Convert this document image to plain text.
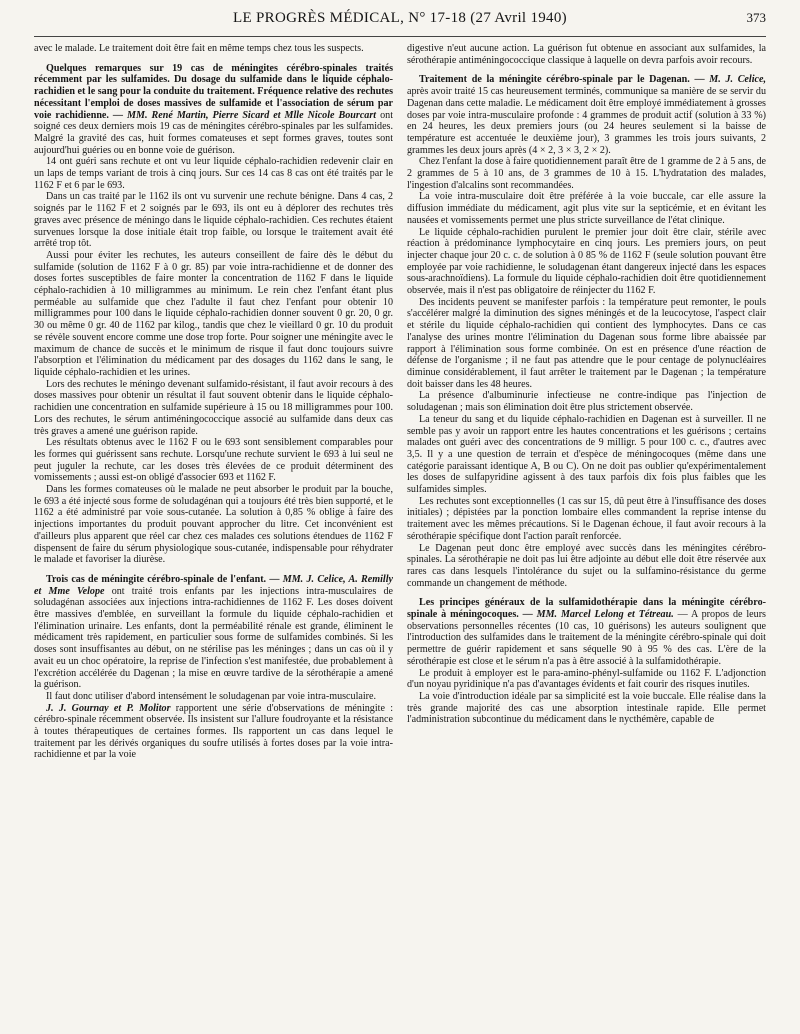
LE PROGRÈS MÉDICAL, N° 17-18 (27 Avril 1940)	373

avec le malade. Le traitement doit être fait en même temps chez tous les suspects.

Quelques remarques sur 19 cas de méningites cérébro-spinales traités récemment par les sulfamides. Du dosage du sulfamide dans le liquide céphalo-rachidien et le sang pour la conduite du traitement. Fréquence relative des rechutes nécessitant l'emploi de doses massives de sulfamide et l'association de sérum par voie rachidienne. — MM. René Martin, Pierre Sicard et Mlle Nicole Bourcart ont soigné ces deux derniers mois 19 cas de méningites cérébro-spinales par les sulfamides. Malgré la gravité des cas, huit formes comateuses et sept formes graves, toutes sont aujourd'hui guéries ou en bonne voie de guérison.

14 ont guéri sans rechute et ont vu leur liquide céphalo-rachidien redevenir clair en un laps de temps variant de trois à cinq jours. Sur ces 14 cas 8 cas ont été traités par le 1162 F et 6 par le 693.

Dans un cas traité par le 1162 ils ont vu survenir une rechute bénigne. Dans 4 cas, 2 soignés par le 1162 F et 2 soignés par le 693, ils ont eu à déplorer des rechutes très graves avec présence de méningo dans le liquide céphalo-rachidien. Ces rechutes étaient survenues lorsque la dose initiale était trop faible, ou lorsque le traitement avait été arrêté trop tôt.

Aussi pour éviter les rechutes, les auteurs conseillent de faire dès le début du sulfamide (solution de 1162 F à 0 gr. 85) par voie intra-rachidienne et de donner des doses fortes susceptibles de faire monter la concentration de 1162 F dans le liquide céphalo-rachidien à 10 milligrammes au minimum. Le rein chez l'enfant étant plus perméable au sulfamide que chez l'adulte il faut chez l'enfant pour obtenir 10 milligrammes pour 100 dans le liquide céphalo-rachidien donner souvent 0 gr. 20, 0 gr. 30 ou même 0 gr. 40 de 1162 par kilog., tandis que chez le vieillard 0 gr. 10 du produit se révèle souvent encore comme une dose trop forte. Pour soigner une méningite avec le maximum de chance de succès et le minimum de risque il faut donc toujours suivre l'absorption et l'élimination du médicament par des dosages du 1162 dans le sang, le liquide céphalo-rachidien et les urines.

Lors des rechutes le méningo devenant sulfamido-résistant, il faut avoir recours à des doses massives pour obtenir un résultat il faut souvent obtenir dans le liquide céphalo-rachidien une concentration en sulfamide supérieure à 15 ou 18 milligrammes pour 100. Lors des rechutes, le sérum antiméningococcique associé au sulfamide dans deux cas très graves a amené une guérison rapide.

Les résultats obtenus avec le 1162 F ou le 693 sont sensiblement comparables pour les formes qui guérissent sans rechute. Lorsqu'une rechute survient le 693 à lui seul ne peut juguler la rechute, car les doses très élevées de ce produit déterminent des vomissements ; aussi est-on obligé d'associer 693 et 1162 F.

Dans les formes comateuses où le malade ne peut absorber le produit par la bouche, le 693 a été injecté sous forme de soludagénan qui a toujours été très bien supporté, et le 1162 a été administré par voie sous-cutanée. La solution à 0,85 % oblige à faire des injections importantes du produit pouvant approcher du litre. Cet inconvénient est d'ailleurs plus apparent que réel car chez ces malades ces solutions étendues de 1162 F dispensent de faire du sérum physiologique sous-cutanée, indispensable pour réhydrater le malade et favoriser la diurèse.

Trois cas de méningite cérébro-spinale de l'enfant. — MM. J. Celice, A. Remilly et Mme Velope ont traité trois enfants par les injections intra-musculaires de soludagénan associées aux injections intra-rachidiennes de 1162 F. Les doses doivent être massives d'emblée, en surveillant la formule du liquide céphalo-rachidien et l'élimination urinaire. Les enfants, dont la perméabilité rénale est grande, éliminent le médicament très rapidement, en particulier sous forme de sulfamides combinés. Si les doses sont insuffisantes au début, on ne stérilise pas les méninges ; dans un cas où il y avait eu un choc opératoire, la reprise de l'infection s'est manifestée, due probablement à l'excrétion accélérée du Dagenan ; la mise en œuvre tardive de la sérothérapie a amené la guérison.

Il faut donc utiliser d'abord intensément le soludagenan par voie intra-musculaire.

J. J. Gournay et P. Molitor rapportent une série d'observations de méningite : cérébro-spinale récemment observée. Ils insistent sur l'allure foudroyante et la résistance à toutes thérapeutiques de certaines formes. Ils rapportent un cas dans lequel le traitement par les dérivés organiques du soufre utilisés à fortes doses par la voie intra-rachidienne et par la voie

digestive n'eut aucune action. La guérison fut obtenue en associant aux sulfamides, la sérothérapie antiméningococcique classique à laquelle on devra parfois avoir recours.

Traitement de la méningite cérébro-spinale par le Dagenan. — M. J. Celice, après avoir traité 15 cas heureusement terminés, communique sa manière de se servir du Dagenan dans cette maladie. Le médicament doit être employé immédiatement à grosses doses par voie intra-musculaire profonde : 4 grammes de produit actif (solution à 33 %) en 24 heures, les deux premiers jours (ou 24 heures seulement si la baisse de température est accentuée le deuxième jour), 3 grammes les trois jours suivants, 2 grammes les deux jours après (4 × 2, 3 × 3, 2 × 2).

Chez l'enfant la dose à faire quotidiennement paraît être de 1 gramme de 2 à 5 ans, de 2 grammes de 5 à 10 ans, de 3 grammes de 10 à 15. L'hydratation des malades, l'ingestion d'alcalins sont recommandées.

La voie intra-musculaire doit être préférée à la voie buccale, car elle assure la diffusion immédiate du médicament, agit plus vite sur la septicémie, et en évitant les nausées et vomissements permet une plus stricte surveillance de l'état clinique.

Le liquide céphalo-rachidien purulent le premier jour doit être clair, stérile avec réaction à prédominance lymphocytaire en cinq jours. Les premiers jours, on peut injecter chaque jour 20 c. c. de solution à 0 85 % de 1162 F (seule solution pouvant être employée par voie rachidienne, le soludagenan étant dangereux injecté dans les espaces sous-arachnoïdiens). La formule du liquide céphalo-rachidien doit être quotidiennement observée, mais il n'est pas obligatoire de réinjecter du 1162 F.

Des incidents peuvent se manifester parfois : la température peut remonter, le pouls s'accélérer malgré la diminution des signes méningés et de la leucocytose, l'aspect clair et stérile du liquide céphalo-rachidien qui contient des lymphocytes. Dans ce cas l'analyse des urines montre l'élimination du Dagenan sous forme libre abaissée par rapport à l'élimination sous forme combinée. On est en présence d'une réaction de défense de l'organisme ; il ne faut pas attendre que le pour centage de polynucléaires diminue considérablement, il faut arrêter le traitement par le Dagenan ; la température doit baisser dans les 48 heures.

La présence d'albuminurie infectieuse ne contre-indique pas l'injection de soludagenan ; mais son élimination doit être plus strictement observée.

La teneur du sang et du liquide céphalo-rachidien en Dagenan est à surveiller. Il ne semble pas y avoir un rapport entre les hautes concentrations et les guérisons ; certains malades ont guéri avec des concentrations de 9 milligr. 5 pour 100 c. c., d'autres avec 3,5. Il y a une question de terrain et d'espèce de méningocoques (même dans une catégorie paraissant identique A, B ou C). On ne doit pas oublier qu'expérimentalement les doses de sulfapyridine agissent à des taux parfois dix fois plus faibles que les sulfamides simples.

Les rechutes sont exceptionnelles (1 cas sur 15, dû peut être à l'insuffisance des doses initiales) ; dépistées par la ponction lombaire elles commandent la reprise intense du traitement avec les mêmes précautions. Si le Dagenan échoue, il faut avoir recours à la sérothérapie spécifique dont l'action paraît renforcée.

Le Dagenan peut donc être employé avec succès dans les méningites cérébro-spinales. La sérothérapie ne doit pas lui être adjointe au début elle doit être réservée aux rares cas dans lesquels l'intolérance du sujet ou la sulfamino-résistance du germe commande un changement de méthode.

Les principes généraux de la sulfamidothérapie dans la méningite cérébro-spinale à méningocoques. — MM. Marcel Lelong et Tétreau. — A propos de leurs observations personnelles récentes (10 cas, 10 guérisons) les auteurs soulignent que l'introduction des sulfamides dans le traitement de la méningite cérébro-spinale qui doit permettre de guérir rapidement et sans séquelle 90 à 95 % des cas. L'ère de la sérothérapie est close et le sérum n'a pas à être associé à la sulfamidothérapie.

Le produit à employer est le para-amino-phényl-sulfamide ou 1162 F. L'adjonction d'un noyau pyridinique n'a pas d'avantages évidents et fait courir des risques inutiles.

La voie d'introduction idéale par sa simplicité est la voie buccale. Elle réalise dans la très grande majorité des cas une absorption intestinale rapide. Elle permet l'administration subcontinue du médicament dans le nycthémère, capable de
